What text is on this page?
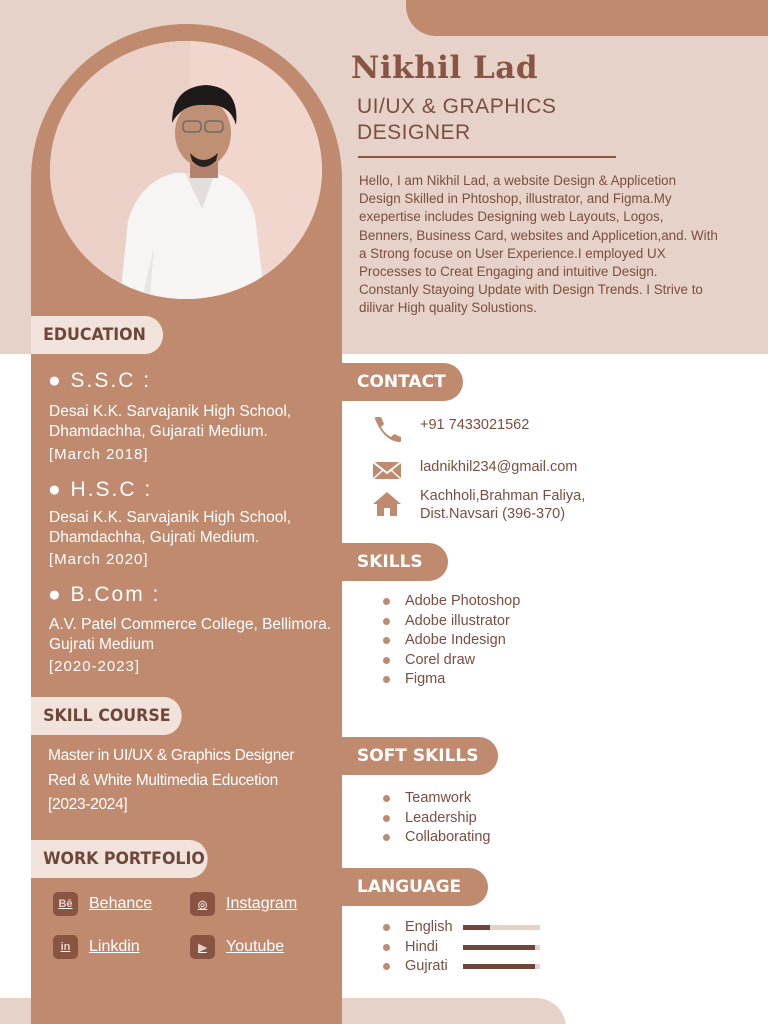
Nikhil Lad
UI/UX & GRAPHICS DESIGNER
Hello, I am Nikhil Lad, a website Design & Applicetion Design Skilled in Phtoshop, illustrator, and Figma.My exepertise includes Designing web Layouts, Logos, Benners, Business Card, websites and Applicetion,and. With a Strong focuse on User Experience.I employed UX Processes to Creat Engaging and intuitive Design. Constanly Stayoing Update with Design Trends. I Strive to dilivar High quality Solustions.
EDUCATION
● S.S.C :
Desai K.K. Sarvajanik High School, Dhamdachha, Gujarati Medium.
[March 2018]
● H.S.C :
Desai K.K. Sarvajanik High School, Dhamdachha, Gujrati Medium.
[March 2020]
● B.Com :
A.V. Patel Commerce College, Bellimora. Gujrati Medium
[2020-2023]
SKILL COURSE
Master in UI/UX & Graphics Designer
Red & White Multimedia Educetion
[2023-2024]
WORK PORTFOLIO
Bē	Behance	◎	Instagram
in	Linkdin	▶	Youtube
CONTACT
+91 7433021562
ladnikhil234@gmail.com
Kachholi,Brahman Faliya,
Dist.Navsari (396-370)
SKILLS
Adobe Photoshop
Adobe illustrator
Adobe Indesign
Corel draw
Figma
SOFT SKILLS
Teamwork
Leadership
Collaborating
LANGUAGE
English
Hindi
Gujrati
